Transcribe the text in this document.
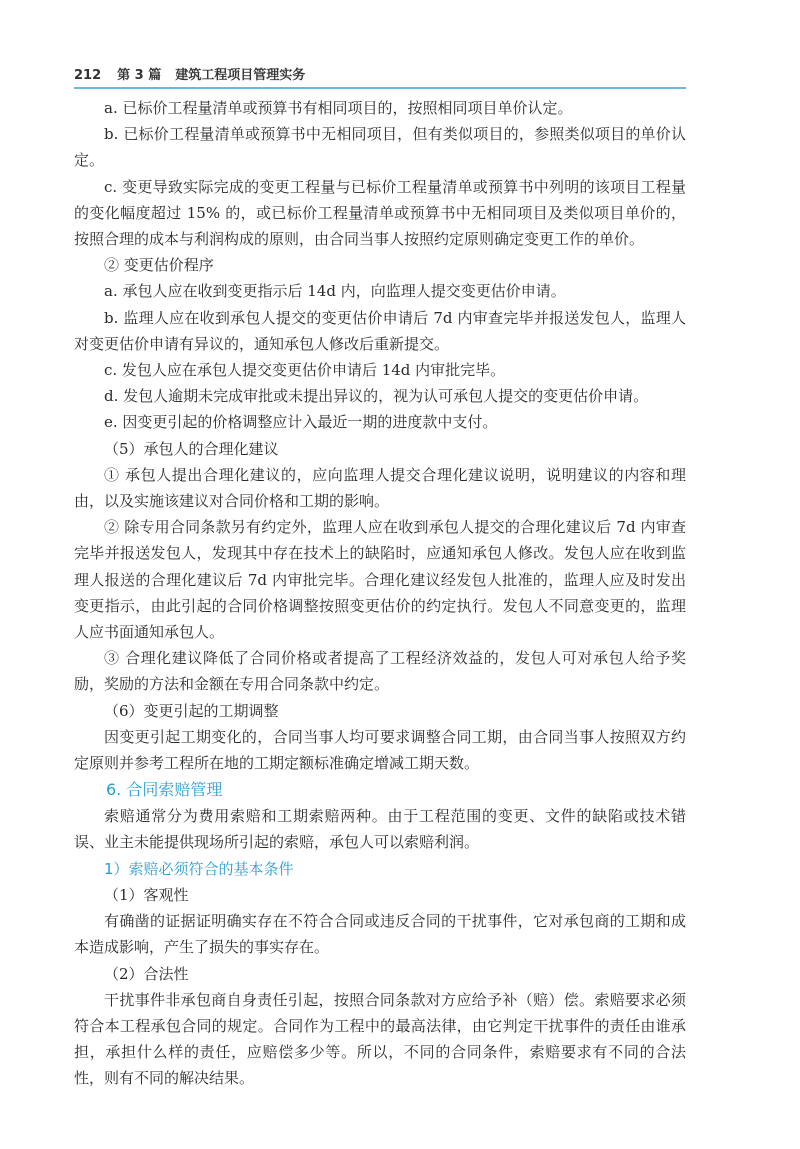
212 第 3 篇 建筑工程项目管理实务

a. 已标价工程量清单或预算书有相同项目的，按照相同项目单价认定。

b. 已标价工程量清单或预算书中无相同项目，但有类似项目的，参照类似项目的单价认定。

c. 变更导致实际完成的变更工程量与已标价工程量清单或预算书中列明的该项目工程量的变化幅度超过 15% 的，或已标价工程量清单或预算书中无相同项目及类似项目单价的，按照合理的成本与利润构成的原则，由合同当事人按照约定原则确定变更工作的单价。

② 变更估价程序

a. 承包人应在收到变更指示后 14d 内，向监理人提交变更估价申请。

b. 监理人应在收到承包人提交的变更估价申请后 7d 内审查完毕并报送发包人，监理人对变更估价申请有异议的，通知承包人修改后重新提交。

c. 发包人应在承包人提交变更估价申请后 14d 内审批完毕。

d. 发包人逾期未完成审批或未提出异议的，视为认可承包人提交的变更估价申请。

e. 因变更引起的价格调整应计入最近一期的进度款中支付。

（5）承包人的合理化建议

① 承包人提出合理化建议的，应向监理人提交合理化建议说明，说明建议的内容和理由，以及实施该建议对合同价格和工期的影响。

② 除专用合同条款另有约定外，监理人应在收到承包人提交的合理化建议后 7d 内审查完毕并报送发包人，发现其中存在技术上的缺陷时，应通知承包人修改。发包人应在收到监理人报送的合理化建议后 7d 内审批完毕。合理化建议经发包人批准的，监理人应及时发出变更指示，由此引起的合同价格调整按照变更估价的约定执行。发包人不同意变更的，监理人应书面通知承包人。

③ 合理化建议降低了合同价格或者提高了工程经济效益的，发包人可对承包人给予奖励，奖励的方法和金额在专用合同条款中约定。

（6）变更引起的工期调整

因变更引起工期变化的，合同当事人均可要求调整合同工期，由合同当事人按照双方约定原则并参考工程所在地的工期定额标准确定增减工期天数。

6. 合同索赔管理

索赔通常分为费用索赔和工期索赔两种。由于工程范围的变更、文件的缺陷或技术错误、业主未能提供现场所引起的索赔，承包人可以索赔利润。

1）索赔必须符合的基本条件

（1）客观性

有确凿的证据证明确实存在不符合合同或违反合同的干扰事件，它对承包商的工期和成本造成影响，产生了损失的事实存在。

（2）合法性

干扰事件非承包商自身责任引起，按照合同条款对方应给予补（赔）偿。索赔要求必须符合本工程承包合同的规定。合同作为工程中的最高法律，由它判定干扰事件的责任由谁承担，承担什么样的责任，应赔偿多少等。所以，不同的合同条件，索赔要求有不同的合法性，则有不同的解决结果。
